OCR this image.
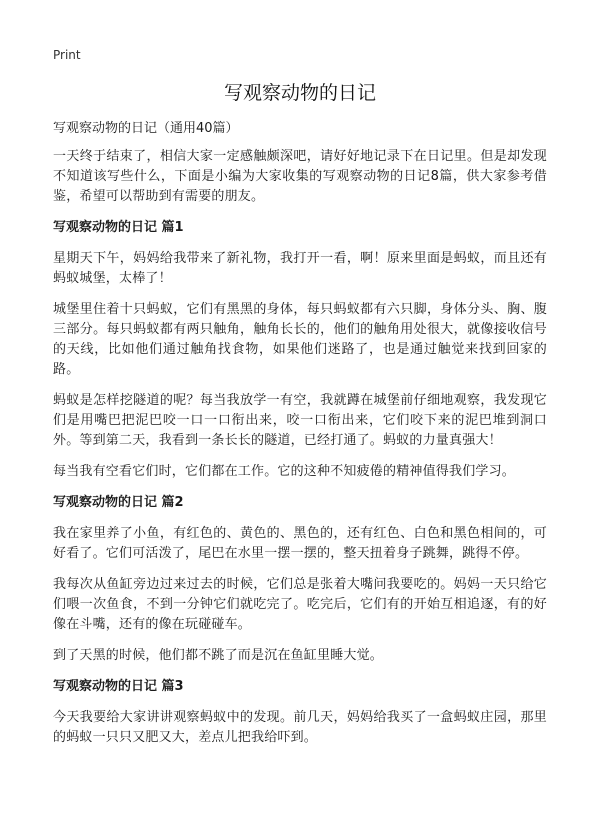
Print
写观察动物的日记

写观察动物的日记（通用40篇）

一天终于结束了，相信大家一定感触颇深吧，请好好地记录下在日记里。但是却发现不知道该写些什么，下面是小编为大家收集的写观察动物的日记8篇，供大家参考借鉴，希望可以帮助到有需要的朋友。

写观察动物的日记 篇1

星期天下午，妈妈给我带来了新礼物，我打开一看，啊！原来里面是蚂蚁，而且还有蚂蚁城堡，太棒了！

城堡里住着十只蚂蚁，它们有黑黑的身体，每只蚂蚁都有六只脚，身体分头、胸、腹三部分。每只蚂蚁都有两只触角，触角长长的，他们的触角用处很大，就像接收信号的天线，比如他们通过触角找食物，如果他们迷路了，也是通过触觉来找到回家的路。

蚂蚁是怎样挖隧道的呢？每当我放学一有空，我就蹲在城堡前仔细地观察，我发现它们是用嘴巴把泥巴咬一口一口衔出来，咬一口衔出来，它们咬下来的泥巴堆到洞口外。等到第二天，我看到一条长长的隧道，已经打通了。蚂蚁的力量真强大！

每当我有空看它们时，它们都在工作。它的这种不知疲倦的精神值得我们学习。

写观察动物的日记 篇2

我在家里养了小鱼，有红色的、黄色的、黑色的，还有红色、白色和黑色相间的，可好看了。它们可活泼了，尾巴在水里一摆一摆的，整天扭着身子跳舞，跳得不停。

我每次从鱼缸旁边过来过去的时候，它们总是张着大嘴问我要吃的。妈妈一天只给它们喂一次鱼食，不到一分钟它们就吃完了。吃完后，它们有的开始互相追逐，有的好像在斗嘴，还有的像在玩碰碰车。

到了天黑的时候，他们都不跳了而是沉在鱼缸里睡大觉。

写观察动物的日记 篇3

今天我要给大家讲讲观察蚂蚁中的发现。前几天，妈妈给我买了一盒蚂蚁庄园，那里的蚂蚁一只只又肥又大，差点儿把我给吓到。
